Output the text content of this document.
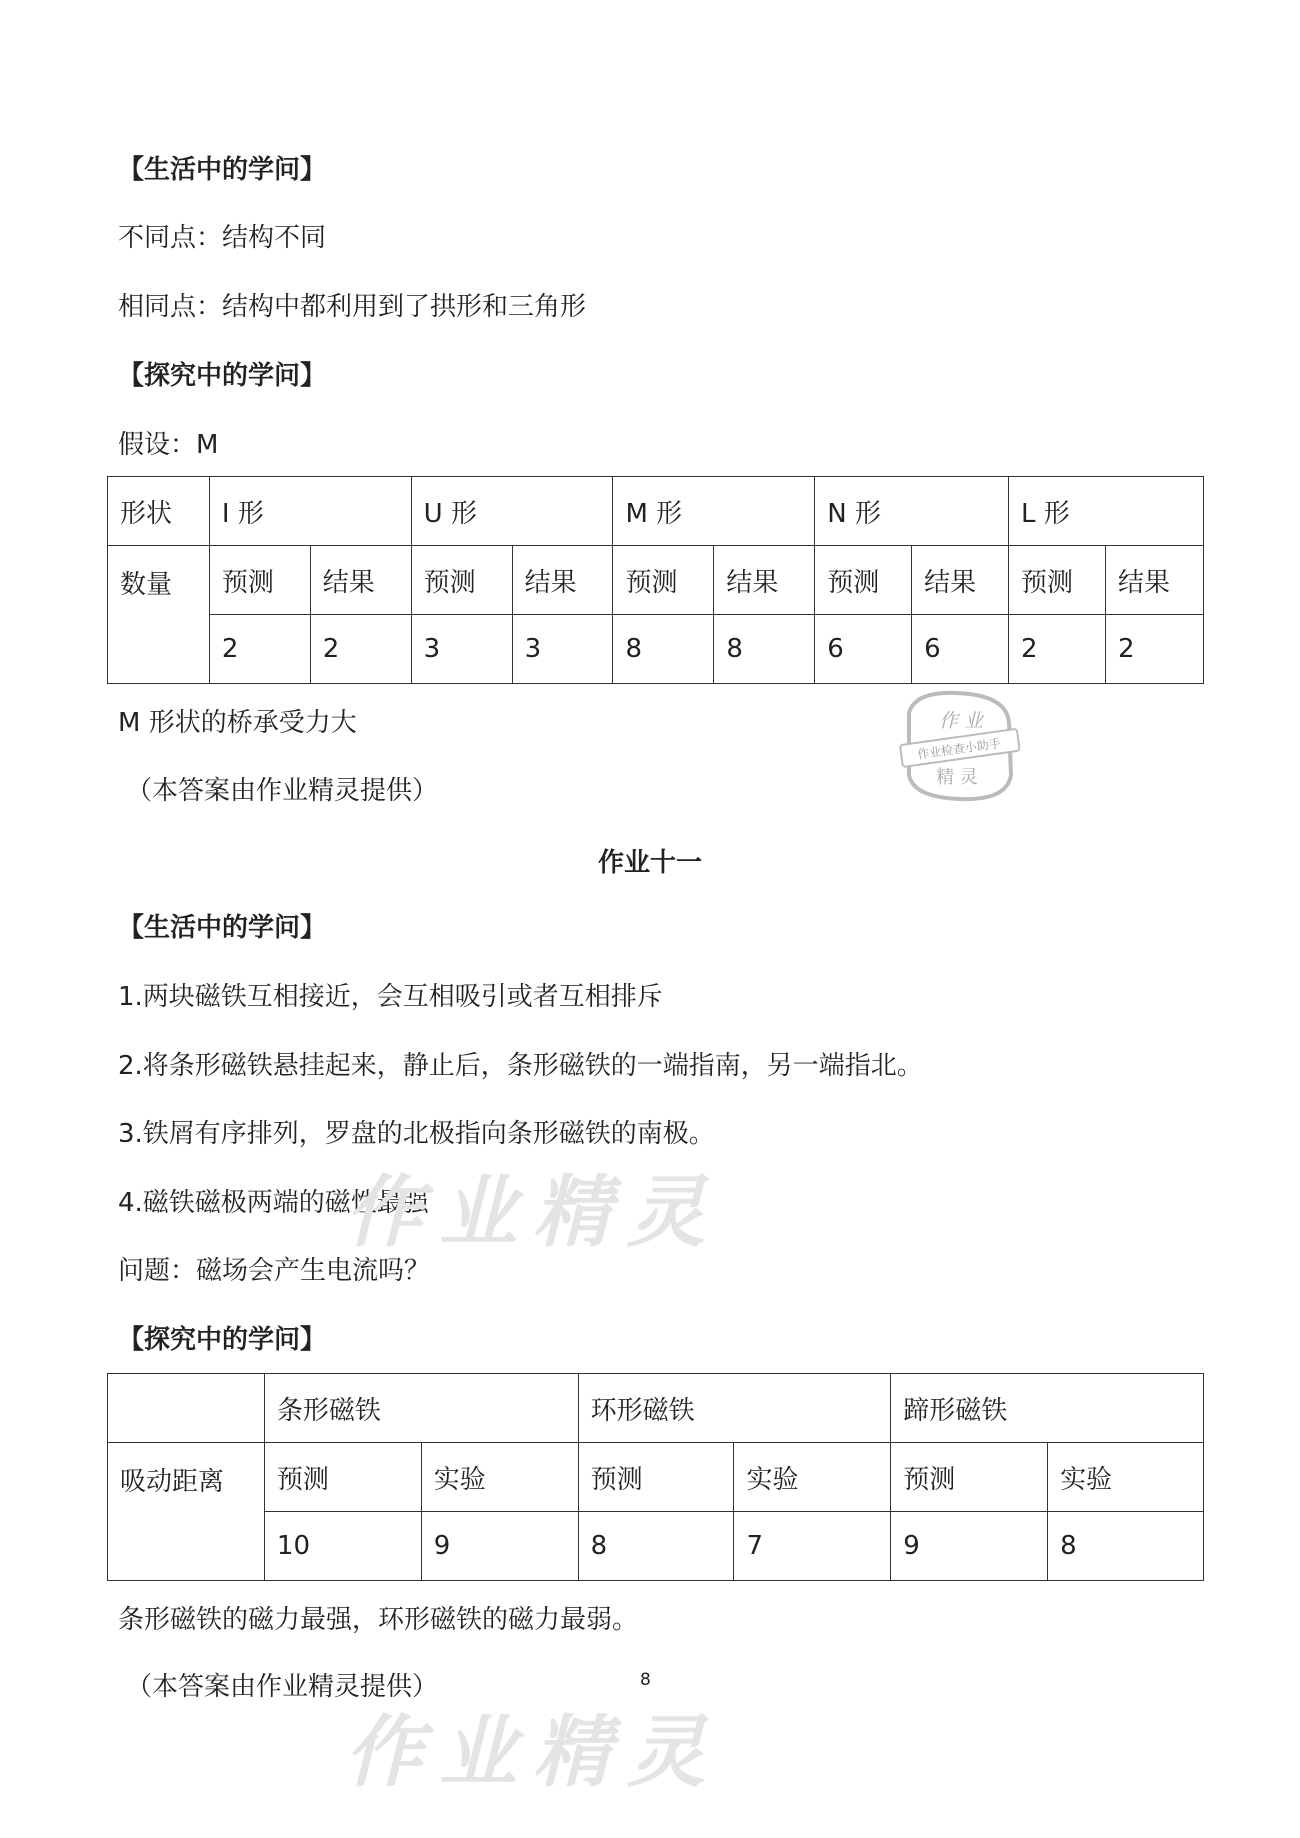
【生活中的学问】
不同点：结构不同
相同点：结构中都利用到了拱形和三角形
【探究中的学问】
假设：M
形状	I 形		U 形		M 形		N 形		L 形	
数量	预测	结果	预测	结果	预测	结果	预测	结果	预测	结果
	2	2	3	3	8	8	6	6	2	2
M 形状的桥承受力大
（本答案由作业精灵提供）
作 业
作业检查小助手
精 灵
作业十一
【生活中的学问】
1.两块磁铁互相接近，会互相吸引或者互相排斥
2.将条形磁铁悬挂起来，静止后，条形磁铁的一端指南，另一端指北。
3.铁屑有序排列，罗盘的北极指向条形磁铁的南极。
4.磁铁磁极两端的磁性最强
问题：磁场会产生电流吗？
【探究中的学问】
	条形磁铁		环形磁铁		蹄形磁铁	
吸动距离	预测	实验	预测	实验	预测	实验
	10	9	8	7	9	8
条形磁铁的磁力最强，环形磁铁的磁力最弱。
（本答案由作业精灵提供）
作业精灵
作业精灵
8
